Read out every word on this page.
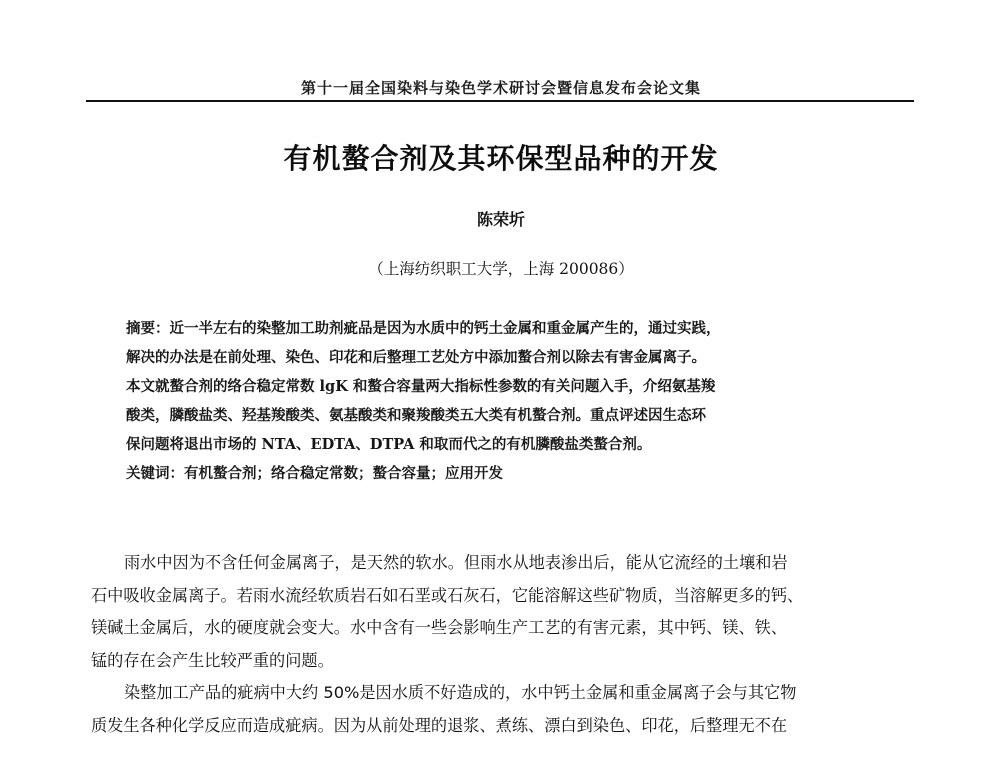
第十一届全国染料与染色学术研讨会暨信息发布会论文集
有机螯合剂及其环保型品种的开发
陈荣圻
（上海纺织职工大学，上海 200086）
摘要：近一半左右的染整加工助剂疵品是因为水质中的钙土金属和重金属产生的，通过实践，
解决的办法是在前处理、染色、印花和后整理工艺处方中添加螯合剂以除去有害金属离子。
本文就螯合剂的络合稳定常数 lgK 和螯合容量两大指标性参数的有关问题入手，介绍氨基羧
酸类，膦酸盐类、羟基羧酸类、氨基酸类和聚羧酸类五大类有机螯合剂。重点评述因生态环
保问题将退出市场的 NTA、EDTA、DTPA 和取而代之的有机膦酸盐类螯合剂。
关键词：有机螯合剂；络合稳定常数；螯合容量；应用开发
雨水中因为不含任何金属离子，是天然的软水。但雨水从地表渗出后，能从它流经的土壤和岩
石中吸收金属离子。若雨水流经软质岩石如石垩或石灰石，它能溶解这些矿物质，当溶解更多的钙、
镁碱土金属后，水的硬度就会变大。水中含有一些会影响生产工艺的有害元素，其中钙、镁、铁、
锰的存在会产生比较严重的问题。
染整加工产品的疵病中大约 50%是因水质不好造成的，水中钙土金属和重金属离子会与其它物
质发生各种化学反应而造成疵病。因为从前处理的退浆、煮练、漂白到染色、印花，后整理无不在
